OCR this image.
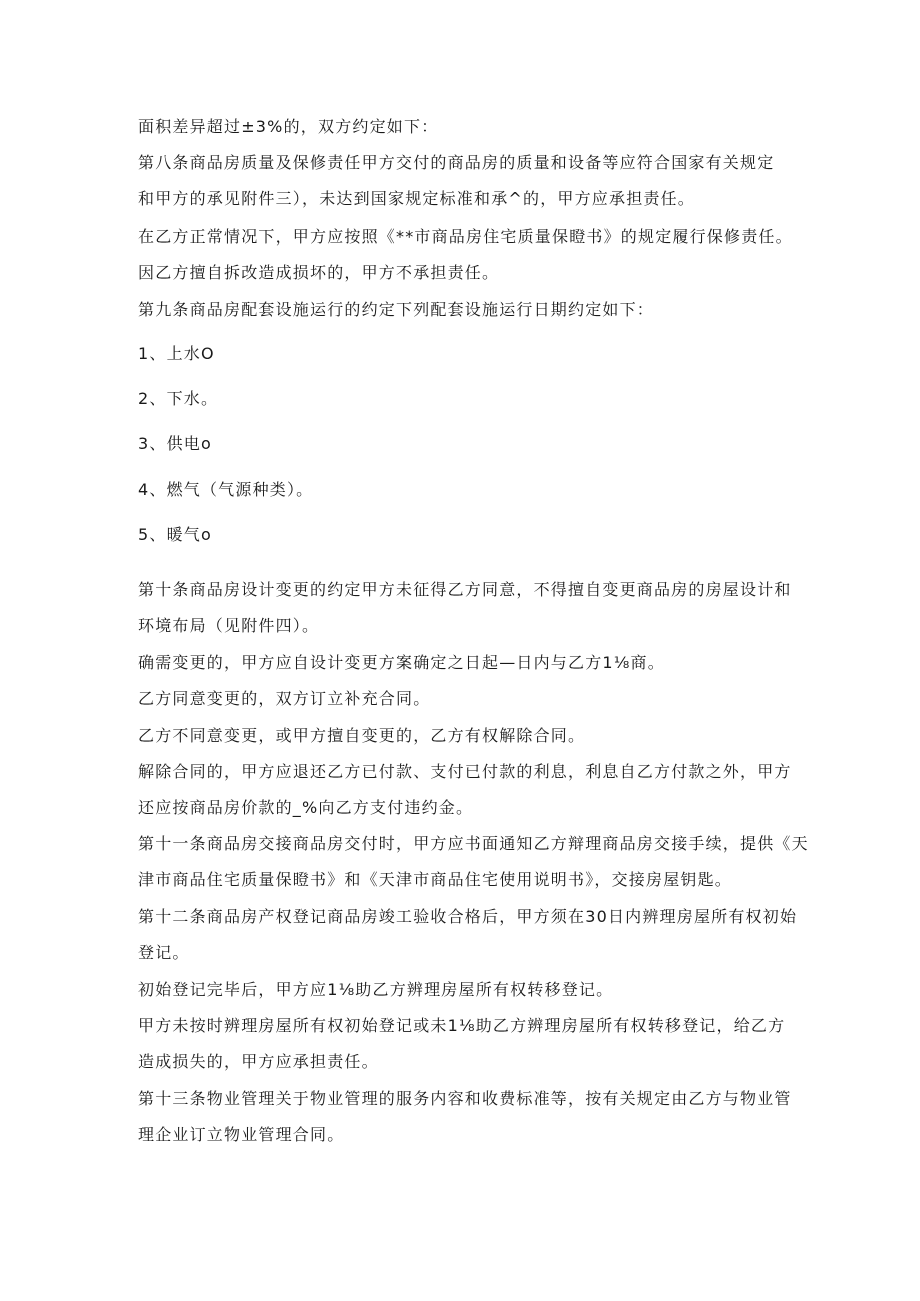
面积差异超过±3%的，双方约定如下：
第八条商品房质量及保修责任甲方交付的商品房的质量和设备等应符合国家有关规定
和甲方的承见附件三），未达到国家规定标准和承^的，甲方应承担责任。
在乙方正常情况下，甲方应按照《**市商品房住宅质量保瞪书》的规定履行保修责任。
因乙方擅自拆改造成损坏的，甲方不承担责任。
第九条商品房配套设施运行的约定下列配套设施运行日期约定如下：
1、上水O
2、下水。
3、供电o
4、燃气（气源种类）。
5、暖气o
第十条商品房设计变更的约定甲方未征得乙方同意，不得擅自变更商品房的房屋设计和
环境布局（见附件四）。
确需变更的，甲方应自设计变更方案确定之日起—日内与乙方1⅛商。
乙方同意变更的，双方订立补充合同。
乙方不同意变更，或甲方擅自变更的，乙方有权解除合同。
解除合同的，甲方应退还乙方已付款、支付已付款的利息，利息自乙方付款之外，甲方
还应按商品房价款的_%向乙方支付违约金。
第十一条商品房交接商品房交付时，甲方应书面通知乙方辩理商品房交接手续，提供《天
津市商品住宅质量保瞪书》和《天津市商品住宅使用说明书》，交接房屋钥匙。
第十二条商品房产权登记商品房竣工验收合格后，甲方须在30日内辨理房屋所有权初始
登记。
初始登记完毕后，甲方应1⅛助乙方辨理房屋所有权转移登记。
甲方未按时辨理房屋所有权初始登记或未1⅛助乙方辨理房屋所有权转移登记，给乙方
造成损失的，甲方应承担责任。
第十三条物业管理关于物业管理的服务内容和收费标准等，按有关规定由乙方与物业管
理企业订立物业管理合同。
